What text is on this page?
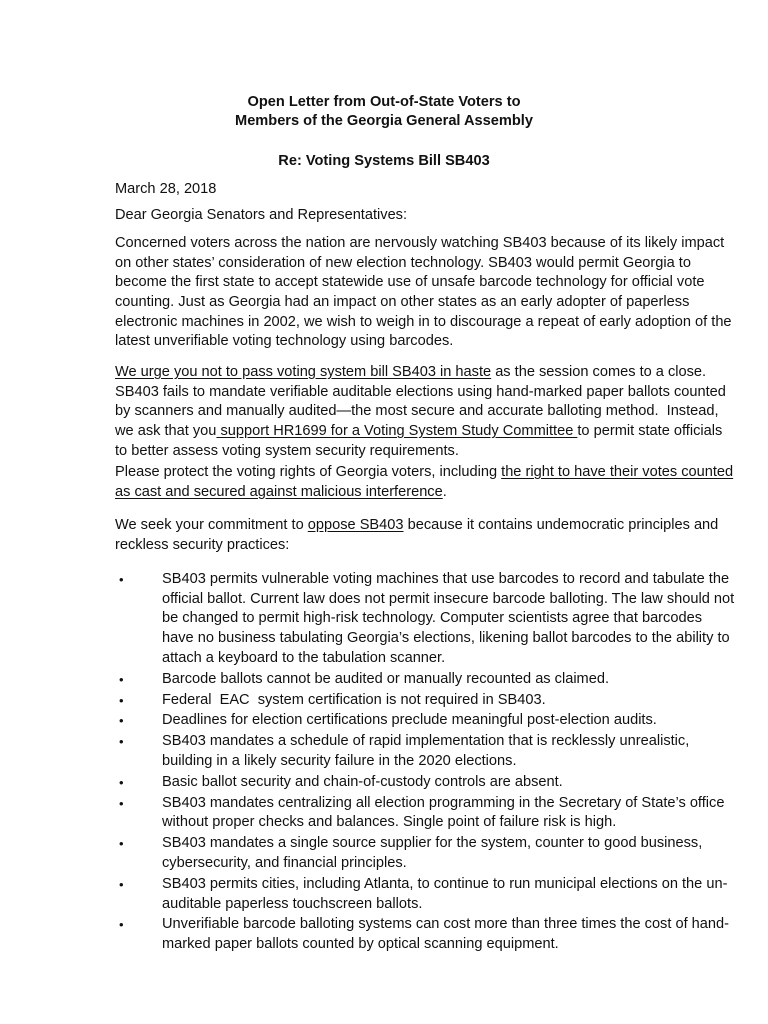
Open Letter from Out-of-State Voters to
Members of the Georgia General Assembly
Re: Voting Systems Bill SB403
March 28, 2018
Dear Georgia Senators and Representatives:
Concerned voters across the nation are nervously watching SB403 because of its likely impact
on other states’ consideration of new election technology. SB403 would permit Georgia to
become the first state to accept statewide use of unsafe barcode technology for official vote
counting. Just as Georgia had an impact on other states as an early adopter of paperless
electronic machines in 2002, we wish to weigh in to discourage a repeat of early adoption of the
latest unverifiable voting technology using barcodes.
We urge you not to pass voting system bill SB403 in haste as the session comes to a close.
SB403 fails to mandate verifiable auditable elections using hand-marked paper ballots counted
by scanners and manually audited—the most secure and accurate balloting method.  Instead,
we ask that you support HR1699 for a Voting System Study Committee to permit state officials
to better assess voting system security requirements.
Please protect the voting rights of Georgia voters, including the right to have their votes counted
as cast and secured against malicious interference.
We seek your commitment to oppose SB403 because it contains undemocratic principles and
reckless security practices:
•	SB403 permits vulnerable voting machines that use barcodes to record and tabulate the
official ballot. Current law does not permit insecure barcode balloting. The law should not
be changed to permit high-risk technology. Computer scientists agree that barcodes
have no business tabulating Georgia’s elections, likening ballot barcodes to the ability to
attach a keyboard to the tabulation scanner.
•	Barcode ballots cannot be audited or manually recounted as claimed.
•	Federal  EAC  system certification is not required in SB403.
•	Deadlines for election certifications preclude meaningful post-election audits.
•	SB403 mandates a schedule of rapid implementation that is recklessly unrealistic,
building in a likely security failure in the 2020 elections.
•	Basic ballot security and chain-of-custody controls are absent.
•	SB403 mandates centralizing all election programming in the Secretary of State’s office
without proper checks and balances. Single point of failure risk is high.
•	SB403 mandates a single source supplier for the system, counter to good business,
cybersecurity, and financial principles.
•	SB403 permits cities, including Atlanta, to continue to run municipal elections on the un-
auditable paperless touchscreen ballots.
•	Unverifiable barcode balloting systems can cost more than three times the cost of hand-
marked paper ballots counted by optical scanning equipment.
